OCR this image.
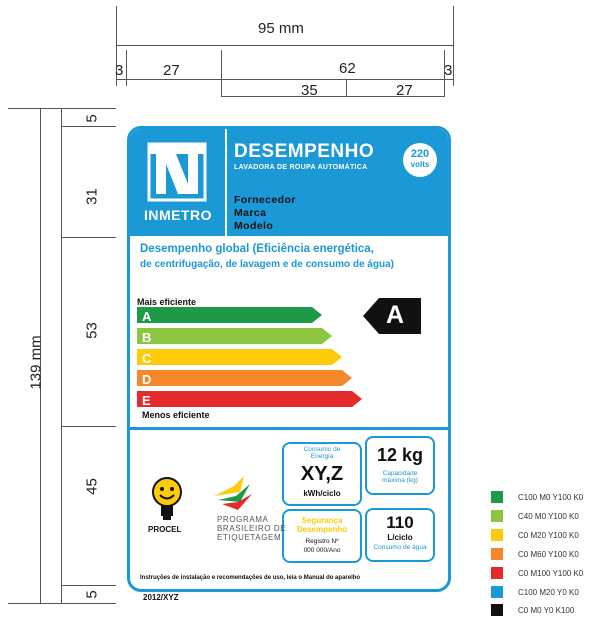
95 mm
3	27	62	3
35	27
139 mm
5
31
53
45
5
INMETRO
DESEMPENHO
LAVADORA DE ROUPA AUTOMÁTICA
220
volts
Fornecedor
Marca
Modelo
Desempenho global (Eficiência energética,
de centrifugação, de lavagem e de consumo de água)
Mais eficiente
A
B
C
D
E
Menos eficiente
A
Consumo de Energia
XY,Z
kWh/ciclo
12 kg
Capacidade máxima (kg)
Segurança Desempenho
Registro Nº
000 000/Ano
110
L/ciclo
Consumo de água
PROCEL
PROGRAMA
BRASILEIRO DE
ETIQUETAGEM
Instruções de instalação e recomendações de uso, leia o Manual do aparelho
2012/XYZ
C100 M0 Y100 K0
C40 M0 Y100 K0
C0 M20 Y100 K0
C0 M60 Y100 K0
C0 M100 Y100 K0
C100 M20 Y0 K0
C0 M0 Y0 K100
